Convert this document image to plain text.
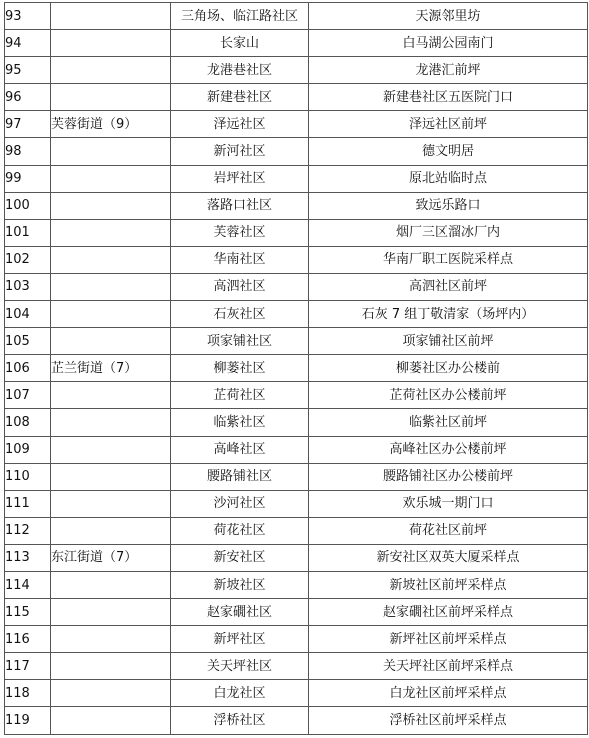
93		三角场、临江路社区	天源邻里坊
94		长家山	白马湖公园南门
95		龙港巷社区	龙港汇前坪
96		新建巷社区	新建巷社区五医院门口
97	芙蓉街道（9）	泽远社区	泽远社区前坪
98		新河社区	德文明居
99		岩坪社区	原北站临时点
100		落路口社区	致远乐路口
101		芙蓉社区	烟厂三区溜冰厂内
102		华南社区	华南厂职工医院采样点
103		高泗社区	高泗社区前坪
104		石灰社区	石灰 7 组丁敬清家（场坪内）
105		项家铺社区	项家铺社区前坪
106	芷兰街道（7）	柳蒌社区	柳蒌社区办公楼前
107		芷荷社区	芷荷社区办公楼前坪
108		临紫社区	临紫社区前坪
109		高峰社区	高峰社区办公楼前坪
110		腰路铺社区	腰路铺社区办公楼前坪
111		沙河社区	欢乐城一期门口
112		荷花社区	荷花社区前坪
113	东江街道（7）	新安社区	新安社区双英大厦采样点
114		新坡社区	新坡社区前坪采样点
115		赵家礀社区	赵家礀社区前坪采样点
116		新坪社区	新坪社区前坪采样点
117		关天坪社区	关天坪社区前坪采样点
118		白龙社区	白龙社区前坪采样点
119		浮桥社区	浮桥社区前坪采样点
